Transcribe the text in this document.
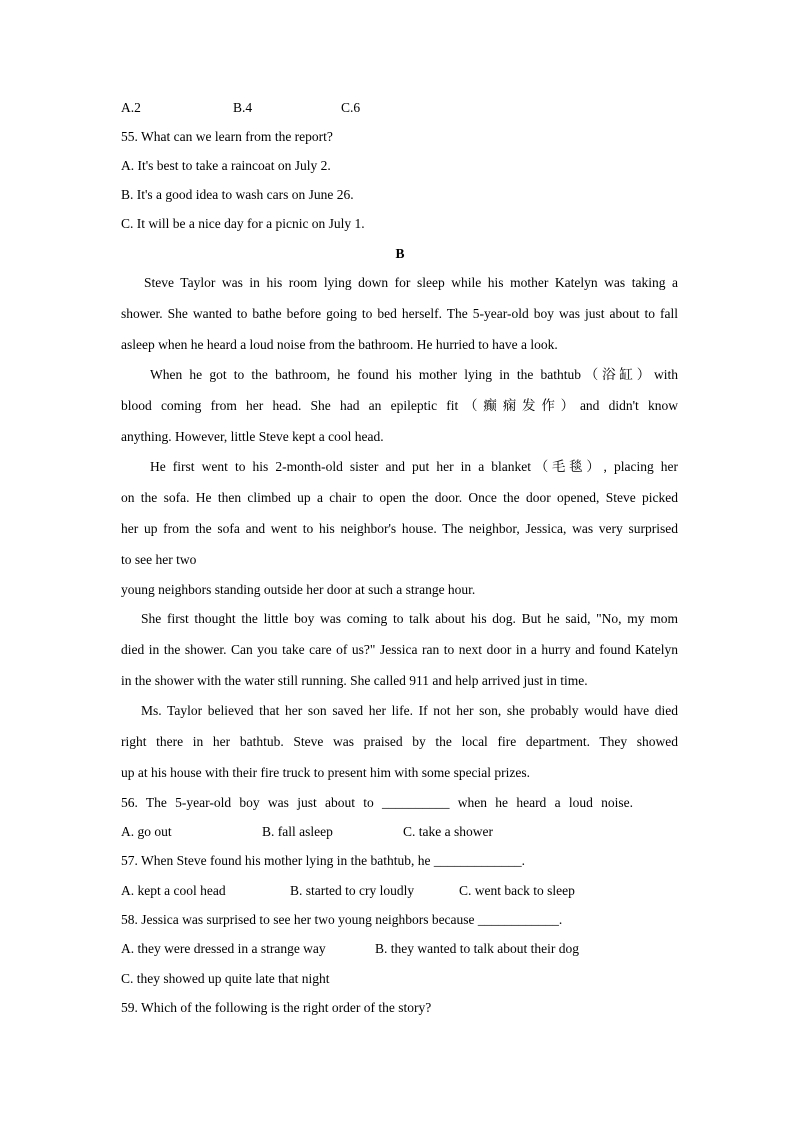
A.2	B.4	C.6
55. What can we learn from the report?
A. It's best to take a raincoat on July 2.
B. It's a good idea to wash cars on June 26.
C. It will be a nice day for a picnic on July 1.
B
Steve Taylor was in his room lying down for sleep while his mother Katelyn was taking a
shower. She wanted to bathe before going to bed herself. The 5-year-old boy was just about to fall
asleep when he heard a loud noise from the bathroom. He hurried to have a look.
When he got to the bathroom, he found his mother lying in the bathtub（浴缸）with
blood coming from her head. She had an epileptic fit（癫痫发作）and didn't know
anything. However, little Steve kept a cool head.
He first went to his 2-month-old sister and put her in a blanket（毛毯）, placing her
on the sofa. He then climbed up a chair to open the door. Once the door opened, Steve picked
her up from the sofa and went to his neighbor's house. The neighbor, Jessica, was very surprised
to see her two
young neighbors standing outside her door at such a strange hour.
She first thought the little boy was coming to talk about his dog. But he said, "No, my mom
died in the shower. Can you take care of us?" Jessica ran to next door in a hurry and found Katelyn
in the shower with the water still running. She called 911 and help arrived just in time.
Ms. Taylor believed that her son saved her life. If not her son, she probably would have died
right there in her bathtub. Steve was praised by the local fire department. They showed
up at his house with their fire truck to present him with some special prizes.
56. The 5-year-old boy was just about to __________ when he heard a loud noise.
A. go out	B. fall asleep	C. take a shower
57. When Steve found his mother lying in the bathtub, he _____________.
A. kept a cool head	B. started to cry loudly	C. went back to sleep
58. Jessica was surprised to see her two young neighbors because ____________.
A. they were dressed in a strange way	B. they wanted to talk about their dog
C. they showed up quite late that night
59. Which of the following is the right order of the story?
